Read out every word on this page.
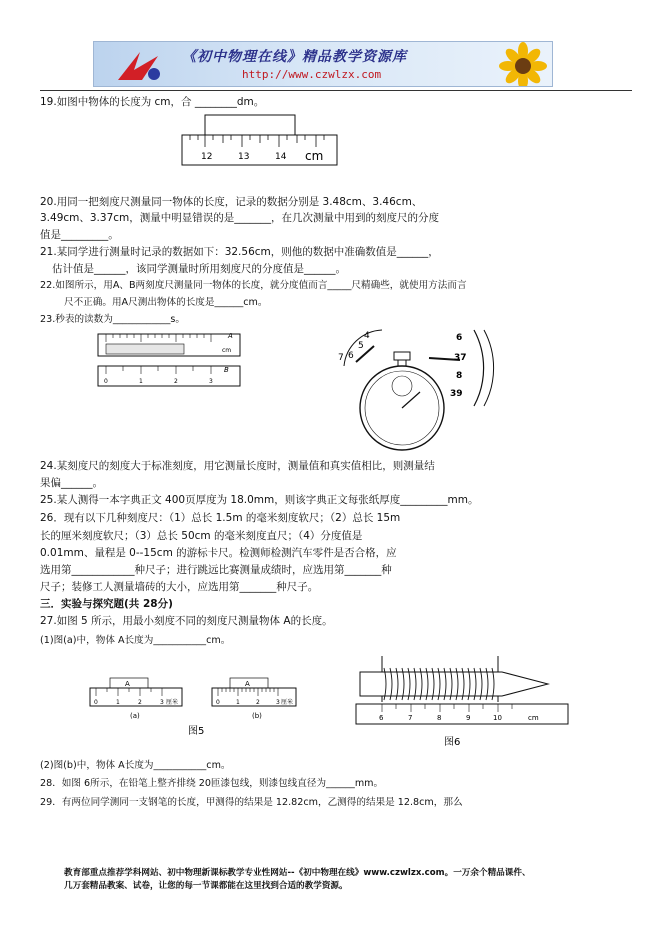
《初中物理在线》精品教学资源库
http://www.czwlzx.com
19.如图中物体的长度为 cm，合 ________dm。
12	13	14 cm
20.用同一把刻度尺测量同一物体的长度，记录的数据分别是 3.48cm、3.46cm、
3.49cm、3.37cm，测量中明显错误的是_______，在几次测量中用到的刻度尺的分度
值是_________。
21.某同学进行测量时记录的数据如下：32.56cm，则他的数据中准确数值是______，
估计值是______，该同学测量时所用刻度尺的分度值是______。
22.如图所示，用A、B两刻度尺测量同一物体的长度，就分度值而言_____尺精确些，就使用方法而言
尺不正确。用A尺测出物体的长度是______cm。
23.秒表的读数为____________s。
A
cm
0	1	2	3
B
4
5
6
7
6
37
8
39
24.某刻度尺的刻度大于标准刻度，用它测量长度时，测量值和真实值相比，则测量结
果偏______。
25.某人测得一本字典正文 400页厚度为 18.0mm，则该字典正文每张纸厚度_________mm。
26．现有以下几种刻度尺：（1）总长 1.5m 的毫米刻度软尺；（2）总长 15m
长的厘米刻度软尺；（3）总长 50cm 的毫米刻度直尺；（4）分度值是
0.01mm、量程是 0--15cm 的游标卡尺。检测师检测汽车零件是否合格，应
选用第____________种尺子；进行跳远比赛测量成绩时，应选用第_______种
尺子；装修工人测量墙砖的大小，应选用第_______种尺子。
三．实验与探究题(共 28分)
27.如图 5 所示，用最小刻度不同的刻度尺测量物体 A的长度。
(1)图(a)中，物体 A长度为___________cm。
A
0	1	2	3 厘米
(a)
A
0	1	2	3 厘米
(b)
图5
6	7	8	9	10	cm
图6
(2)图(b)中，物体 A长度为___________cm。
28．如图 6所示，在铅笔上整齐排绕 20匝漆包线，则漆包线直径为______mm。
29．有两位同学测同一支钢笔的长度，甲测得的结果是 12.82cm，乙测得的结果是 12.8cm，那么
教育部重点推荐学科网站、初中物理新课标教学专业性网站--《初中物理在线》www.czwlzx.com。一万余个精品课件、
几万套精品教案、试卷，让您的每一节课都能在这里找到合适的教学资源。
